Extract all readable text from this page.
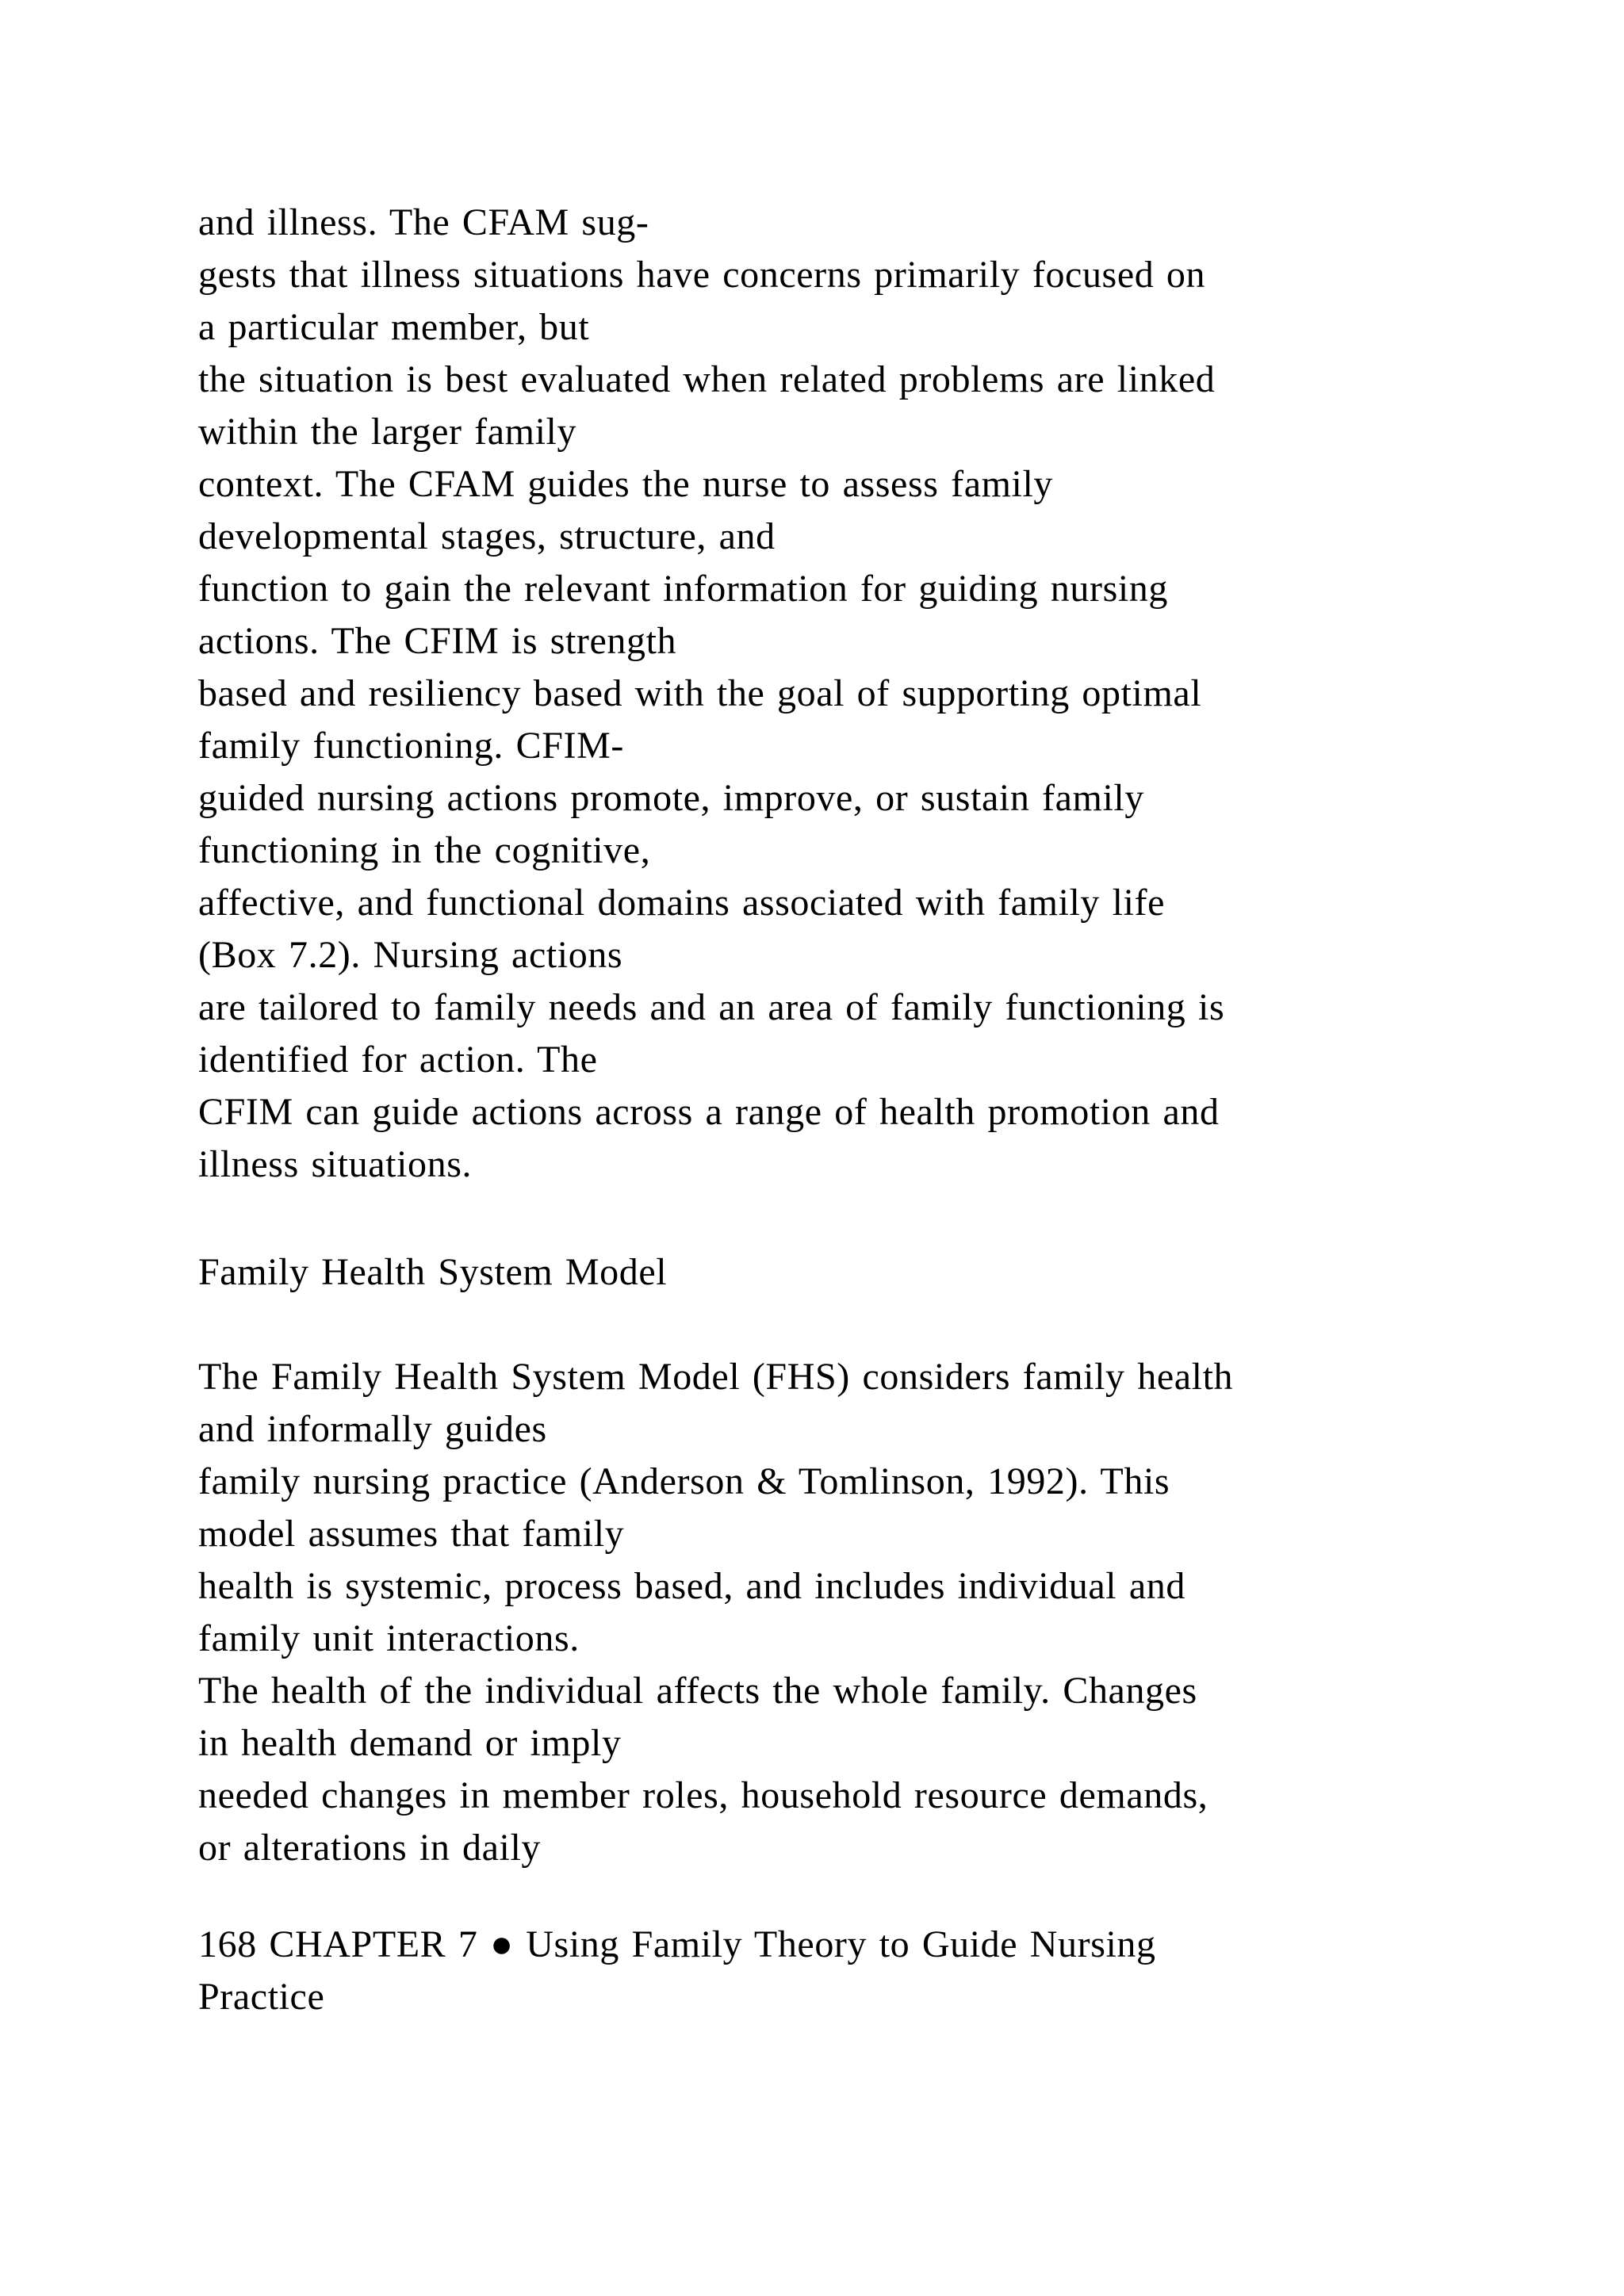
and illness. The CFAM sug-
gests that illness situations have concerns primarily focused on
a particular member, but
the situation is best evaluated when related problems are linked
within the larger family
context. The CFAM guides the nurse to assess family
developmental stages, structure, and
function to gain the relevant information for guiding nursing
actions. The CFIM is strength
based and resiliency based with the goal of supporting optimal
family functioning. CFIM-
guided nursing actions promote, improve, or sustain family
functioning in the cognitive,
affective, and functional domains associated with family life
(Box 7.2). Nursing actions
are tailored to family needs and an area of family functioning is
identified for action. The
CFIM can guide actions across a range of health promotion and
illness situations.
Family Health System Model
The Family Health System Model (FHS) considers family health
and informally guides
family nursing practice (Anderson & Tomlinson, 1992). This
model assumes that family
health is systemic, process based, and includes individual and
family unit interactions.
The health of the individual affects the whole family. Changes
in health demand or imply
needed changes in member roles, household resource demands,
or alterations in daily
168 CHAPTER 7 ● Using Family Theory to Guide Nursing
Practice
